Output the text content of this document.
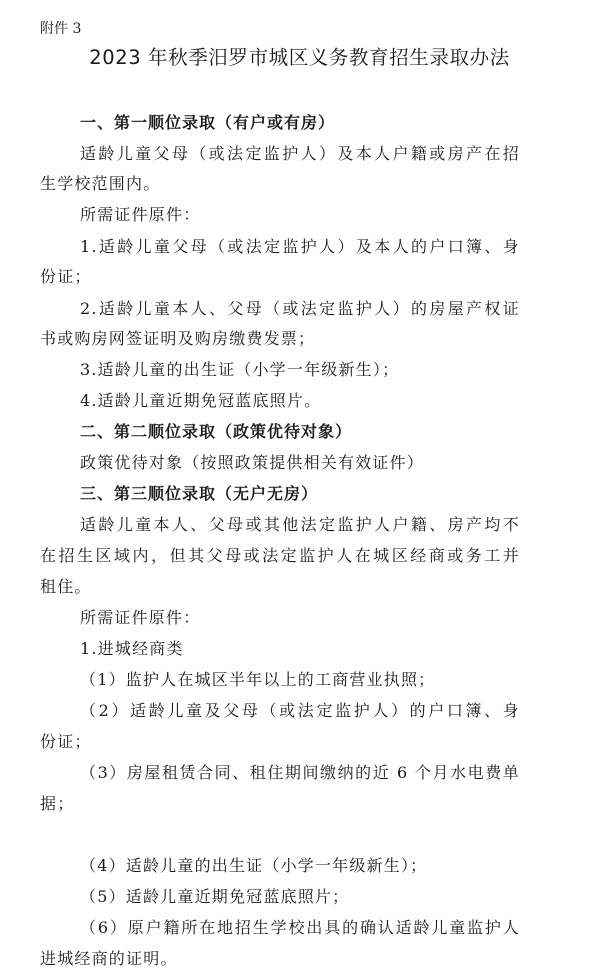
附件 3
2023 年秋季汨罗市城区义务教育招生录取办法
一、第一顺位录取（有户或有房）
适龄儿童父母（或法定监护人）及本人户籍或房产在招
生学校范围内。
所需证件原件：
1.适龄儿童父母（或法定监护人）及本人的户口簿、身
份证；
2.适龄儿童本人、父母（或法定监护人）的房屋产权证
书或购房网签证明及购房缴费发票；
3.适龄儿童的出生证（小学一年级新生）；
4.适龄儿童近期免冠蓝底照片。
二、第二顺位录取（政策优待对象）
政策优待对象（按照政策提供相关有效证件）
三、第三顺位录取（无户无房）
适龄儿童本人、父母或其他法定监护人户籍、房产均不
在招生区域内，但其父母或法定监护人在城区经商或务工并
租住。
所需证件原件：
1.进城经商类
（1）监护人在城区半年以上的工商营业执照；
（2）适龄儿童及父母（或法定监护人）的户口簿、身
份证；
（3）房屋租赁合同、租住期间缴纳的近 6 个月水电费单
据；
（4）适龄儿童的出生证（小学一年级新生）；
（5）适龄儿童近期免冠蓝底照片；
（6）原户籍所在地招生学校出具的确认适龄儿童监护人
进城经商的证明。
